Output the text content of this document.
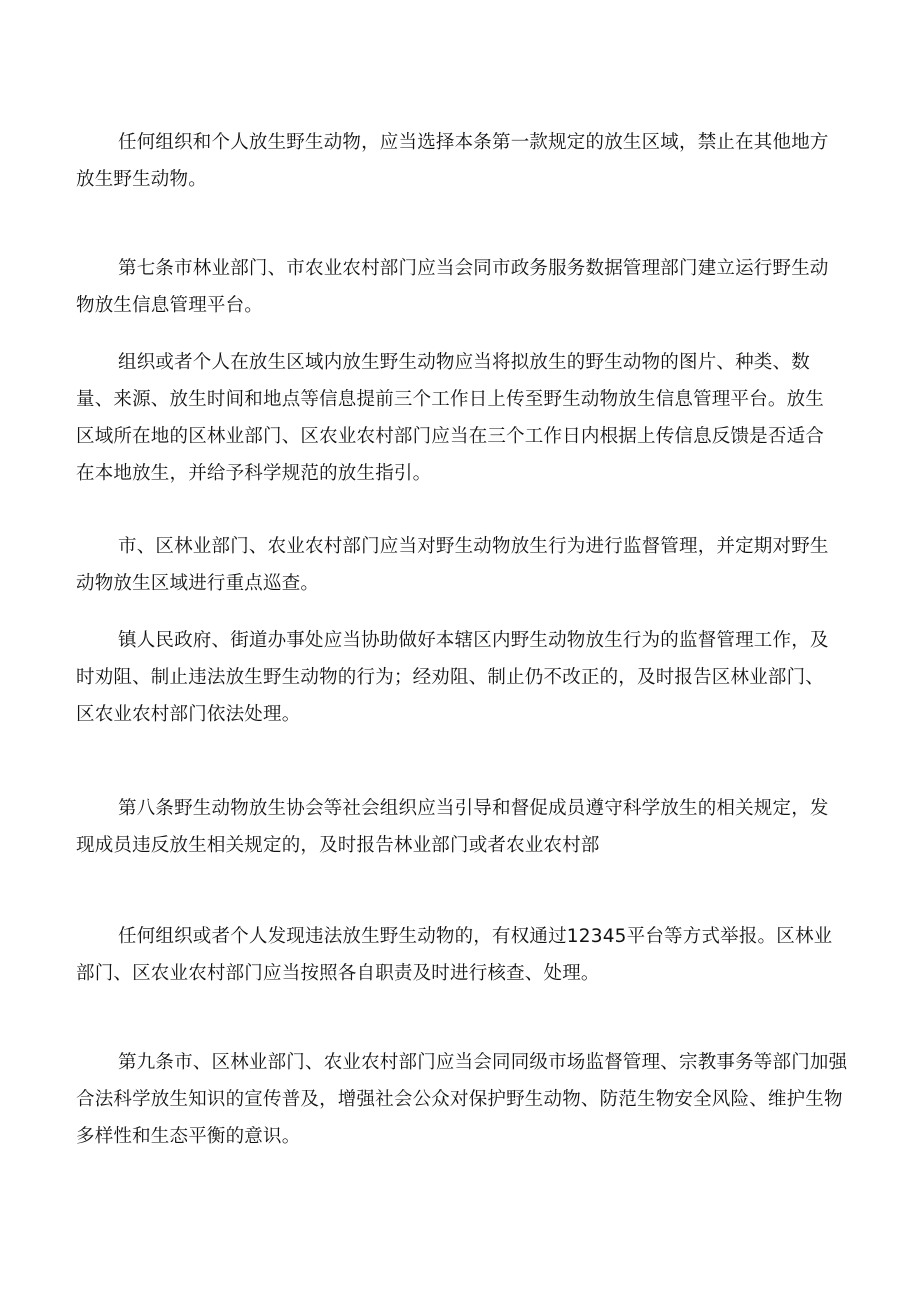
任何组织和个人放生野生动物，应当选择本条第一款规定的放生区域，禁止在其他地方
放生野生动物。
第七条市林业部门、市农业农村部门应当会同市政务服务数据管理部门建立运行野生动
物放生信息管理平台。
组织或者个人在放生区域内放生野生动物应当将拟放生的野生动物的图片、种类、数
量、来源、放生时间和地点等信息提前三个工作日上传至野生动物放生信息管理平台。放生
区域所在地的区林业部门、区农业农村部门应当在三个工作日内根据上传信息反馈是否适合
在本地放生，并给予科学规范的放生指引。
市、区林业部门、农业农村部门应当对野生动物放生行为进行监督管理，并定期对野生
动物放生区域进行重点巡查。
镇人民政府、街道办事处应当协助做好本辖区内野生动物放生行为的监督管理工作，及
时劝阻、制止违法放生野生动物的行为；经劝阻、制止仍不改正的，及时报告区林业部门、
区农业农村部门依法处理。
第八条野生动物放生协会等社会组织应当引导和督促成员遵守科学放生的相关规定，发
现成员违反放生相关规定的，及时报告林业部门或者农业农村部
任何组织或者个人发现违法放生野生动物的，有权通过12345平台等方式举报。区林业
部门、区农业农村部门应当按照各自职责及时进行核查、处理。
第九条市、区林业部门、农业农村部门应当会同同级市场监督管理、宗教事务等部门加强
合法科学放生知识的宣传普及，增强社会公众对保护野生动物、防范生物安全风险、维护生物
多样性和生态平衡的意识。
